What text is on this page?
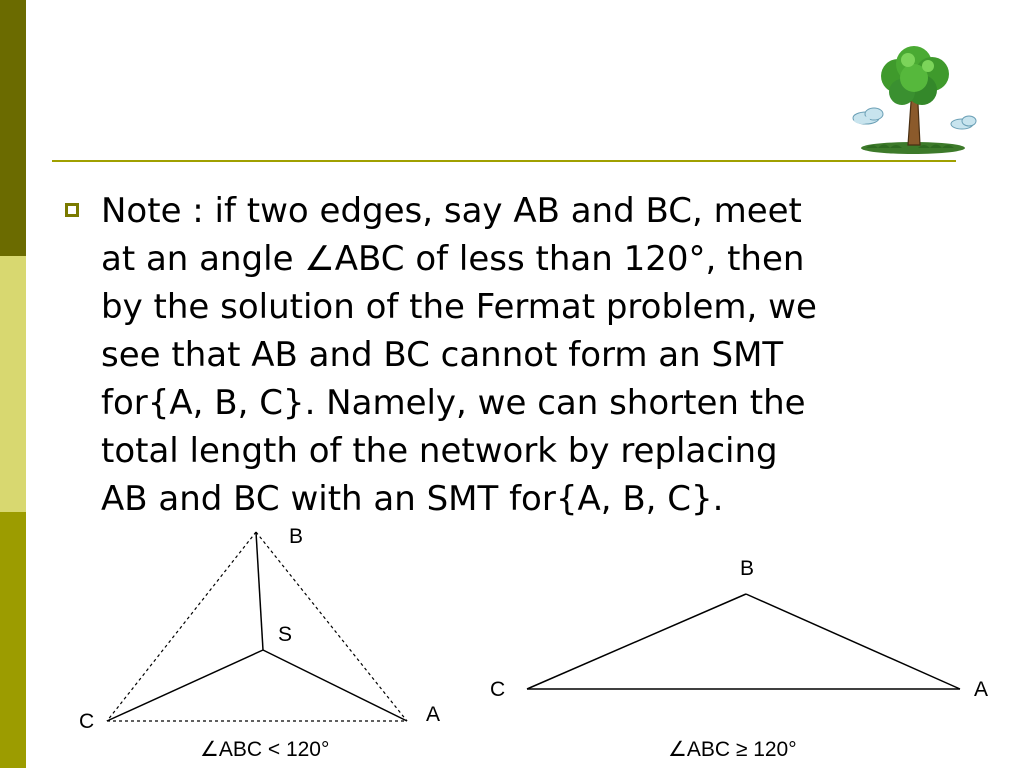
Note : if two edges, say AB and BC, meet
at an angle ∠ABC of less than 120°, then
by the solution of the Fermat problem, we
see that AB and BC cannot form an SMT
for{A, B, C}. Namely, we can shorten the
total length of the network by replacing
AB and BC with an SMT for{A, B, C}.

B
S
C	A
∠ABC < 120°
B
C	A
∠ABC ≥ 120°
